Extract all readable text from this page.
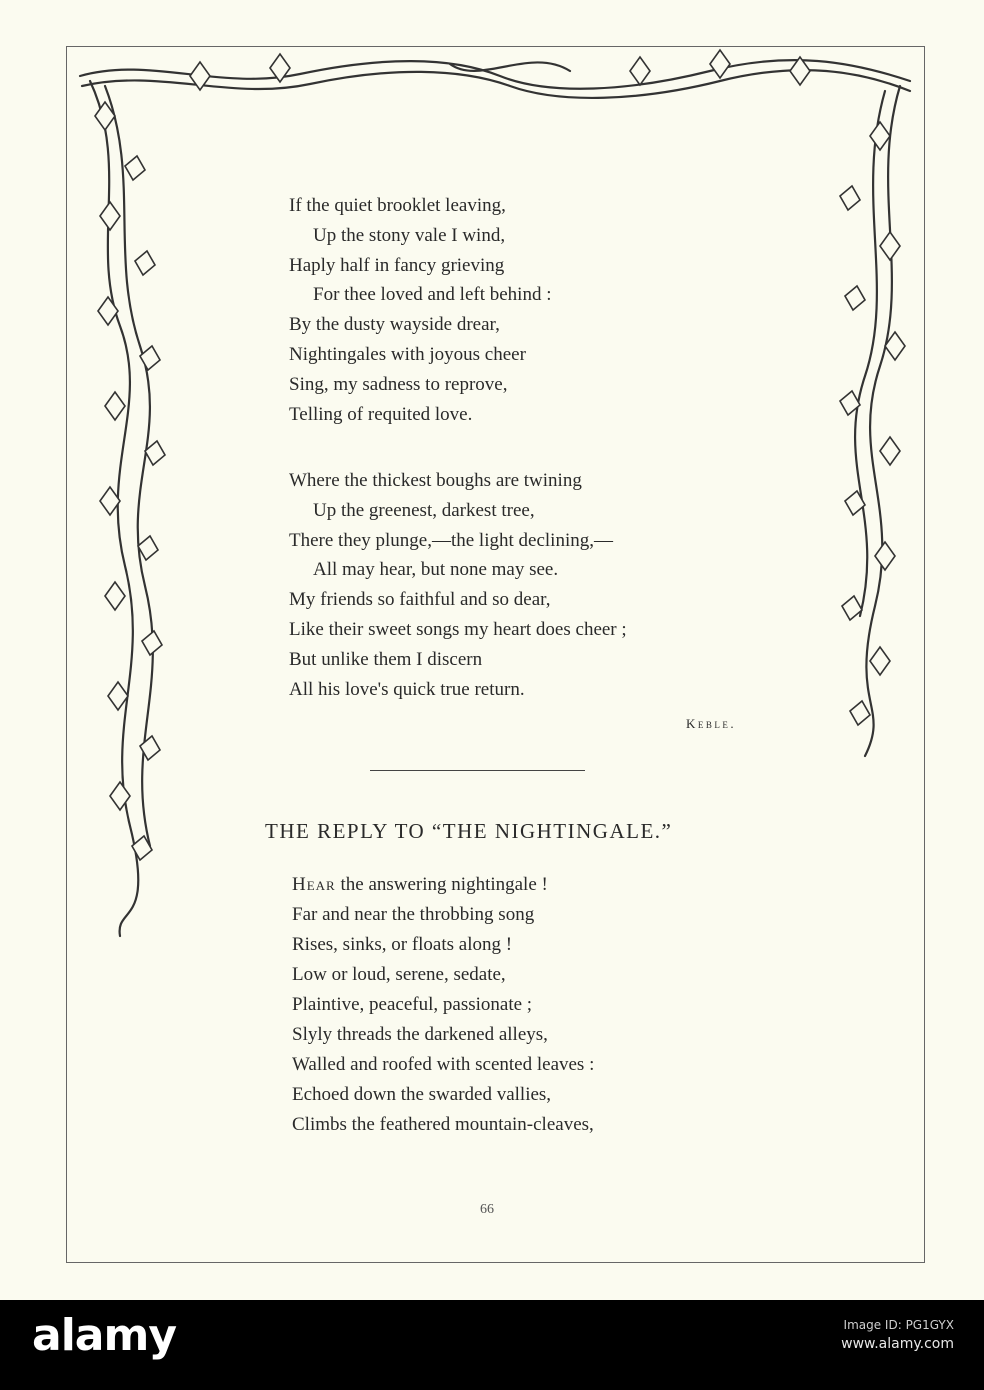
If the quiet brooklet leaving,
Up the stony vale I wind,
Haply half in fancy grieving
For thee loved and left behind :
By the dusty wayside drear,
Nightingales with joyous cheer
Sing, my sadness to reprove,
Telling of requited love.
Where the thickest boughs are twining
Up the greenest, darkest tree,
There they plunge,—the light declining,—
All may hear, but none may see.
My friends so faithful and so dear,
Like their sweet songs my heart does cheer ;
But unlike them I discern
All his love's quick true return.
Keble.
THE REPLY TO “THE NIGHTINGALE.”
Hear the answering nightingale !
Far and near the throbbing song
Rises, sinks, or floats along !
Low or loud, serene, sedate,
Plaintive, peaceful, passionate ;
Slyly threads the darkened alleys,
Walled and roofed with scented leaves :
Echoed down the swarded vallies,
Climbs the feathered mountain-cleaves,
66
alamy	Image ID: PG1GYX
www.alamy.com
